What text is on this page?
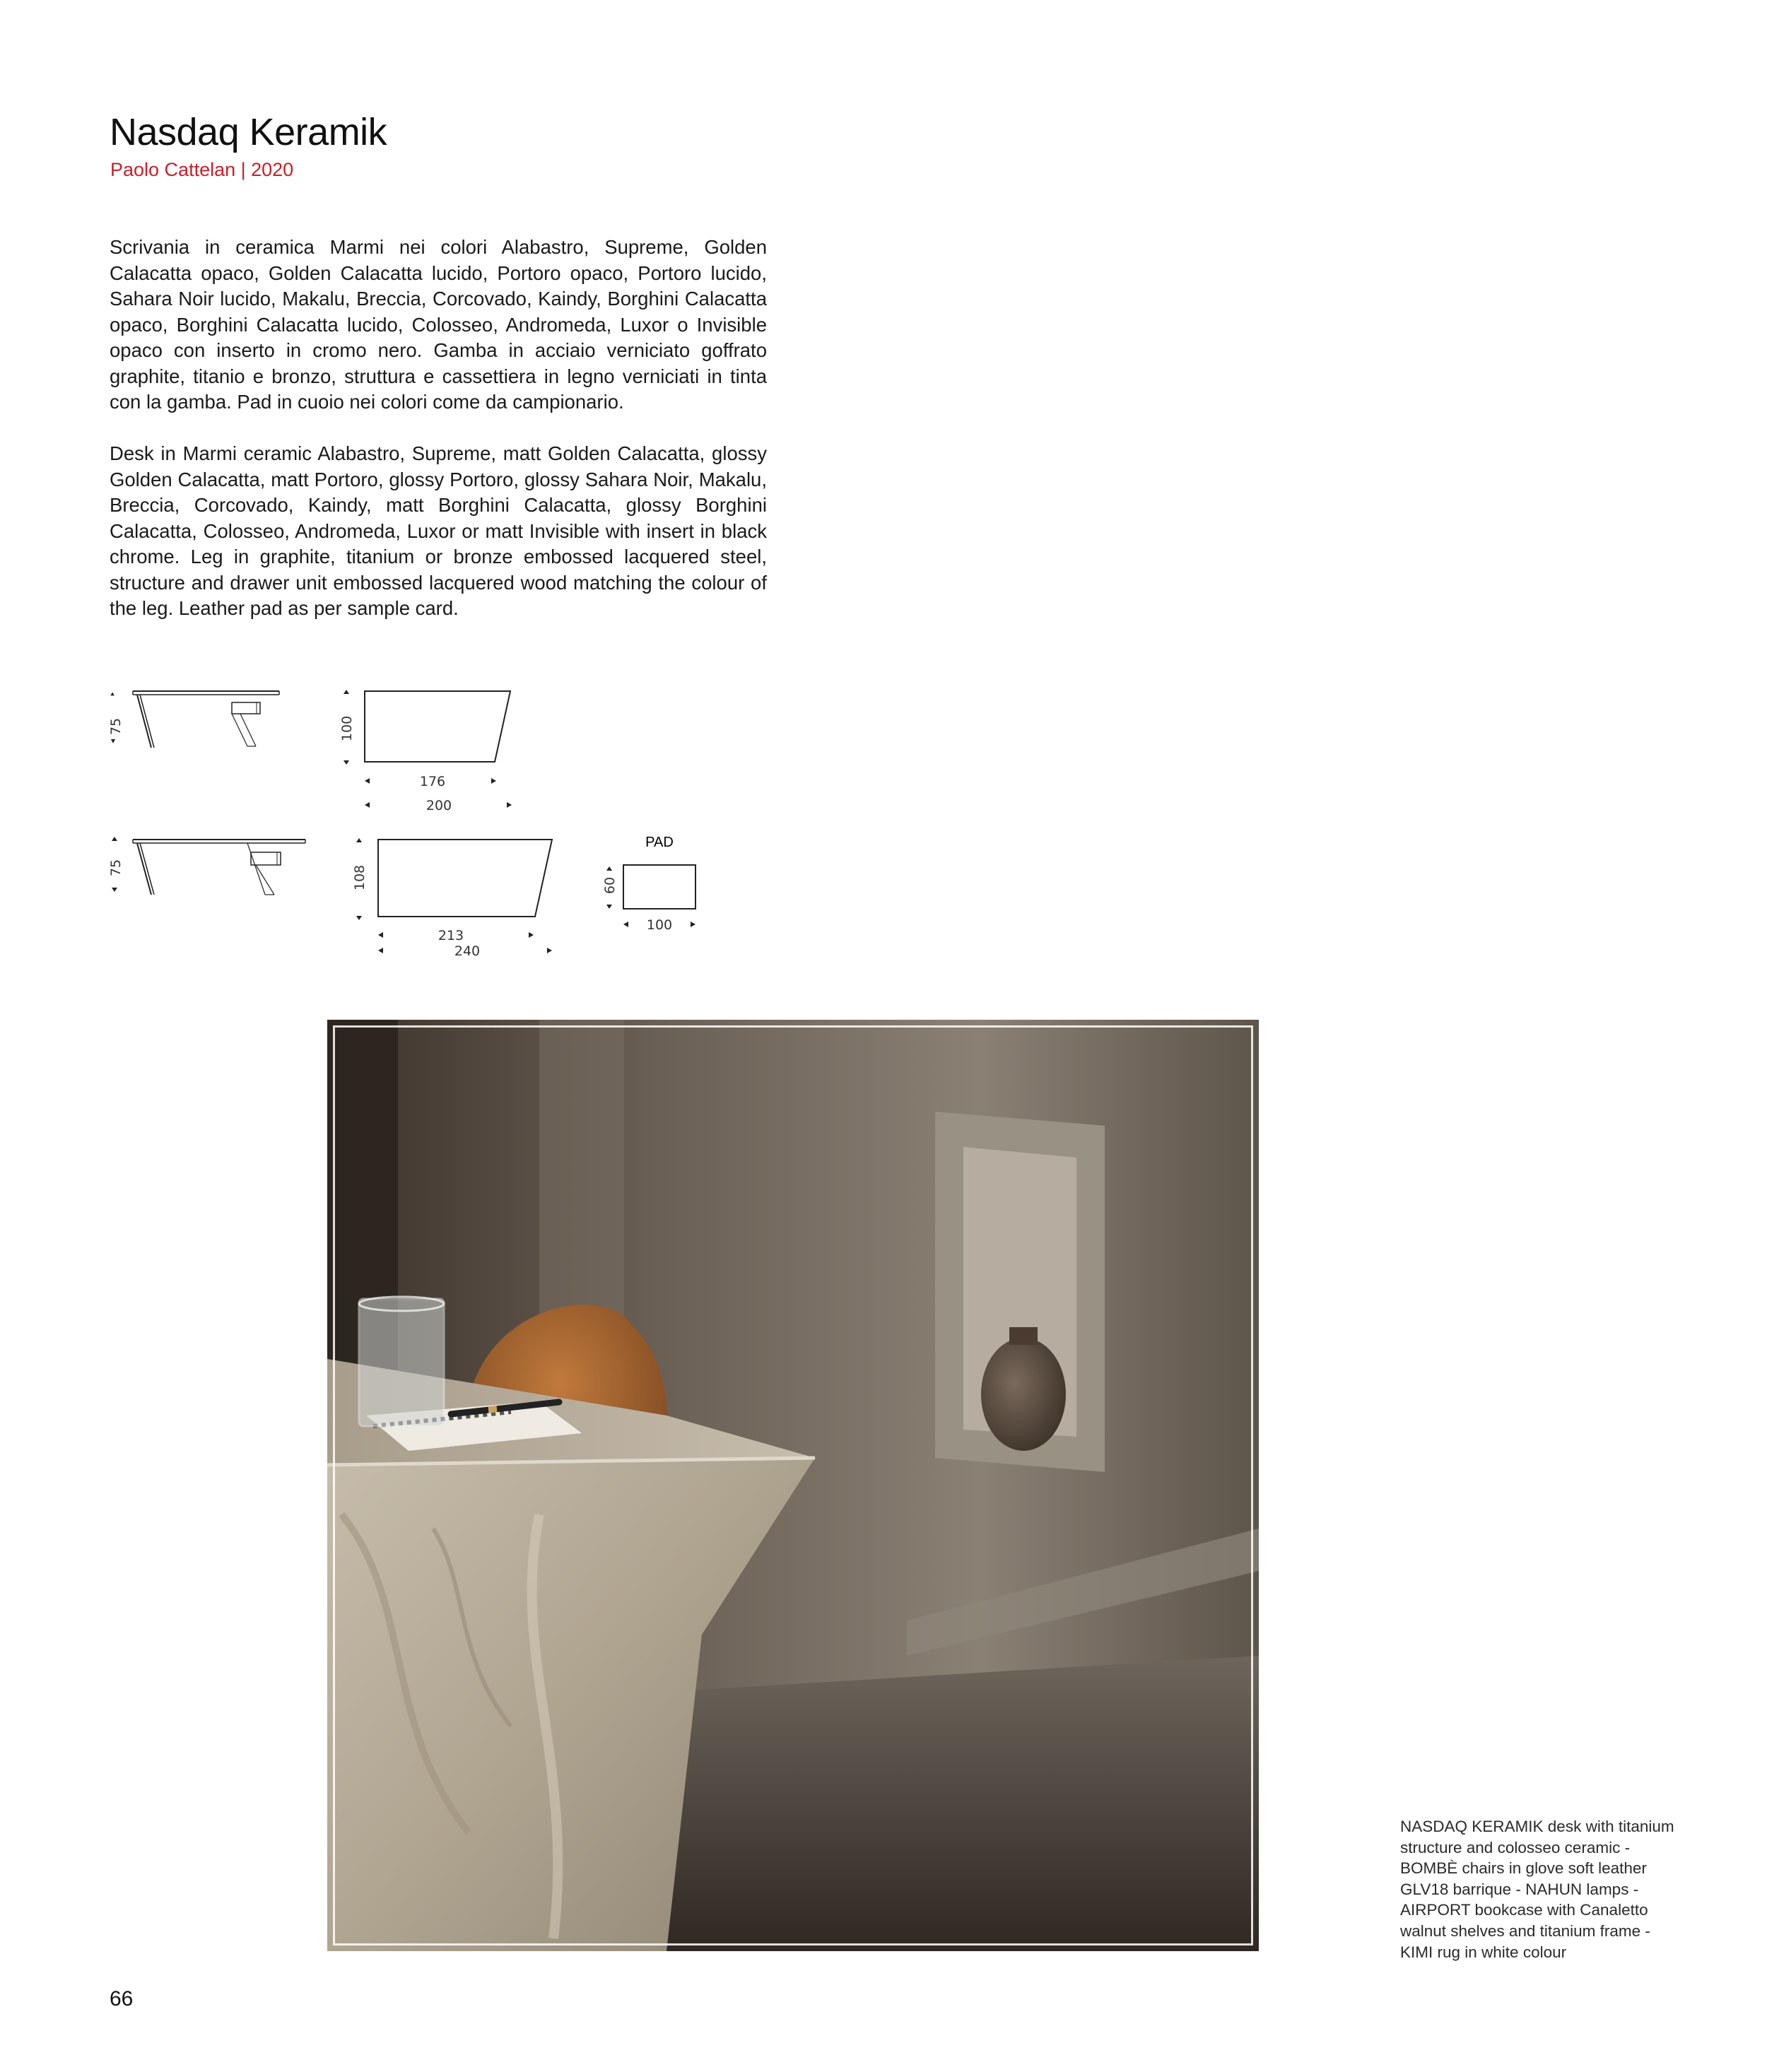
Nasdaq Keramik

Paolo Cattelan | 2020

Scrivania in ceramica Marmi nei colori Alabastro, Supreme, Golden Calacatta opaco, Golden Calacatta lucido, Portoro opaco, Portoro lucido, Sahara Noir lucido, Makalu, Breccia, Corcovado, Kaindy, Borghini Calacatta opaco, Borghini Calacatta lucido, Colosseo, Andromeda, Luxor o Invisible opaco con inserto in cromo nero. Gamba in acciaio verniciato goffrato graphite, titanio e bronzo, struttura e cassettiera in legno verniciati in tinta con la gamba. Pad in cuoio nei colori come da campionario.

Desk in Marmi ceramic Alabastro, Supreme, matt Golden Calacatta, glossy Golden Calacatta, matt Portoro, glossy Portoro, glossy Sahara Noir, Makalu, Breccia, Corcovado, Kaindy, matt Borghini Calacatta, glossy Borghini Calacatta, Colosseo, Andromeda, Luxor or matt Invisible with insert in black chrome. Leg in graphite, titanium or bronze embossed lacquered steel, structure and drawer unit embossed lacquered wood matching the colour of the leg. Leather pad as per sample card.

75	100
176
200
75	108
213
240
PAD
60
100

NASDAQ KERAMIK desk with titanium
structure and colosseo ceramic -
BOMBÈ chairs in glove soft leather
GLV18 barrique - NAHUN lamps -
AIRPORT bookcase with Canaletto
walnut shelves and titanium frame -
KIMI rug in white colour

66
